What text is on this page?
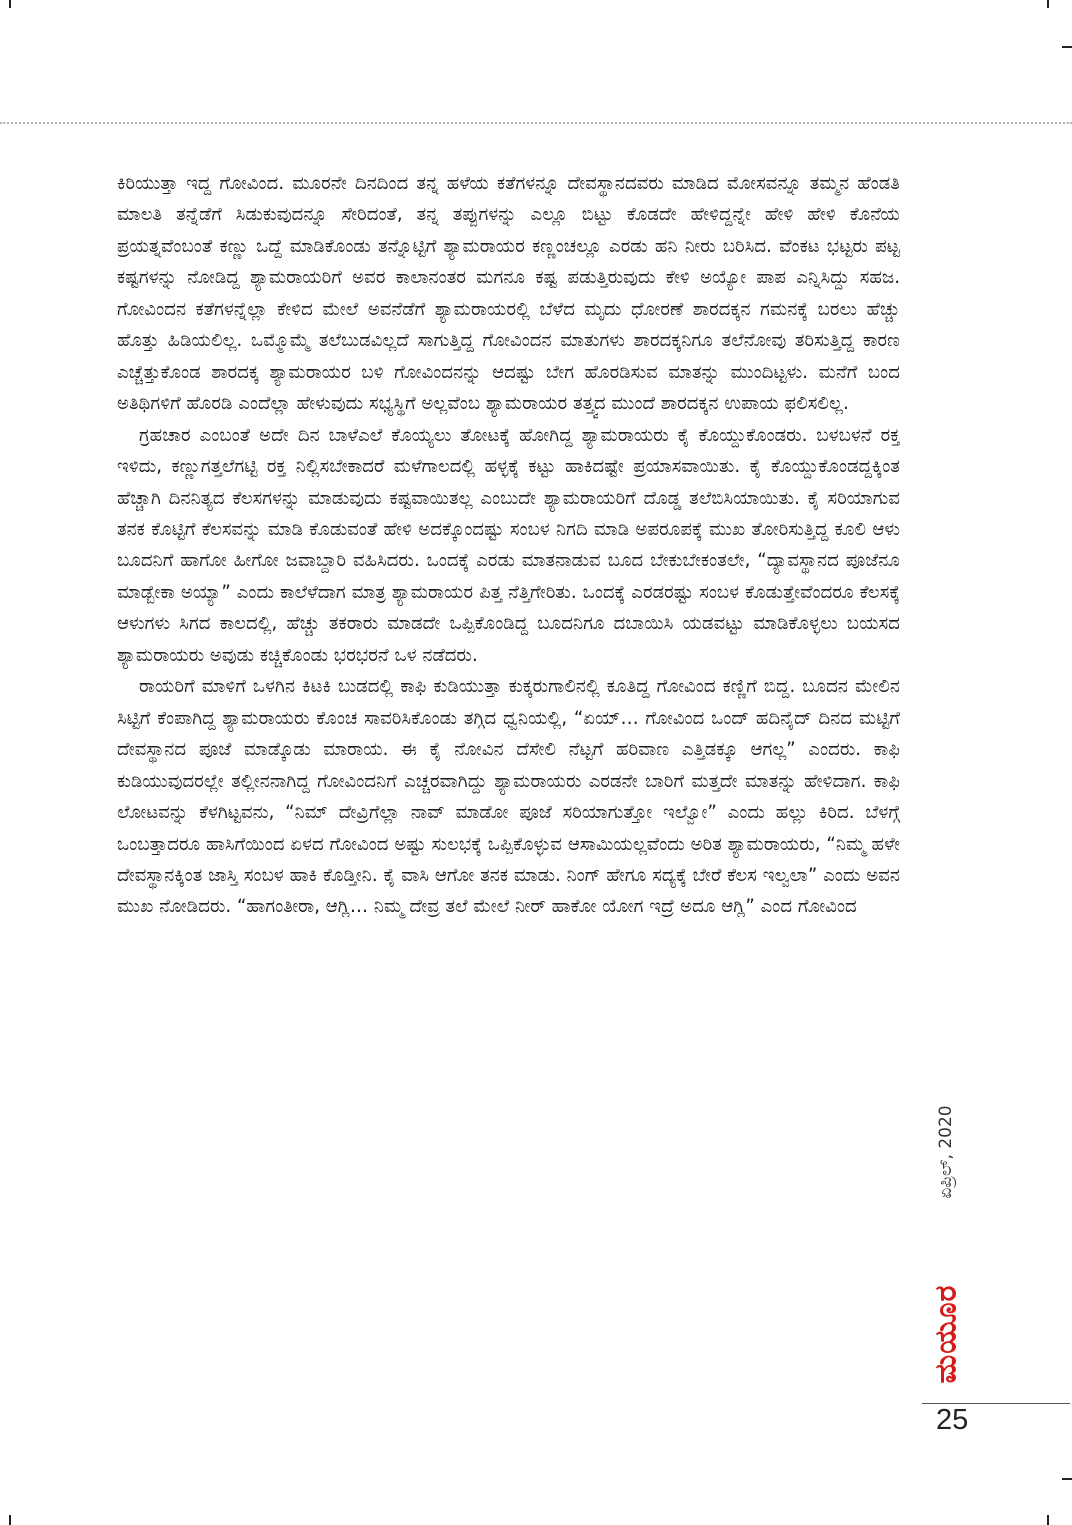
ಕಿರಿಯುತ್ತಾ ಇದ್ದ ಗೋವಿಂದ. ಮೂರನೇ ದಿನದಿಂದ ತನ್ನ ಹಳೆಯ ಕತೆಗಳನ್ನೂ ದೇವಸ್ಥಾನದವರು ಮಾಡಿದ ಮೋಸವನ್ನೂ ತಮ್ಮನ ಹೆಂಡತಿ ಮಾಲತಿ ತನ್ನೆಡೆಗೆ ಸಿಡುಕುವುದನ್ನೂ ಸೇರಿದಂತೆ, ತನ್ನ ತಪ್ಪುಗಳನ್ನು ಎಲ್ಲೂ ಬಿಟ್ಟು ಕೊಡದೇ ಹೇಳಿದ್ದನ್ನೇ ಹೇಳಿ ಹೇಳಿ ಕೊನೆಯ ಪ್ರಯತ್ನವೆಂಬಂತೆ ಕಣ್ಣು ಒದ್ದೆ ಮಾಡಿಕೊಂಡು ತನ್ನೊಟ್ಟಿಗೆ ಶ್ಯಾಮರಾಯರ ಕಣ್ಣಂಚಲ್ಲೂ ಎರಡು ಹನಿ ನೀರು ಬರಿಸಿದ. ವೆಂಕಟ ಭಟ್ಟರು ಪಟ್ಟ ಕಷ್ಟಗಳನ್ನು ನೋಡಿದ್ದ ಶ್ಯಾಮರಾಯರಿಗೆ ಅವರ ಕಾಲಾನಂತರ ಮಗನೂ ಕಷ್ಟ ಪಡುತ್ತಿರುವುದು ಕೇಳಿ ಅಯ್ಯೋ ಪಾಪ ಎನ್ನಿಸಿದ್ದು ಸಹಜ. ಗೋವಿಂದನ ಕತೆಗಳನ್ನೆಲ್ಲಾ ಕೇಳಿದ ಮೇಲೆ ಅವನೆಡೆಗೆ ಶ್ಯಾಮರಾಯರಲ್ಲಿ ಬೆಳೆದ ಮೃದು ಧೋರಣೆ ಶಾರದಕ್ಕನ ಗಮನಕ್ಕೆ ಬರಲು ಹೆಚ್ಚು ಹೊತ್ತು ಹಿಡಿಯಲಿಲ್ಲ. ಒಮ್ಮೊಮ್ಮೆ ತಲೆಬುಡವಿಲ್ಲದೆ ಸಾಗುತ್ತಿದ್ದ ಗೋವಿಂದನ ಮಾತುಗಳು ಶಾರದಕ್ಕನಿಗೂ ತಲೆನೋವು ತರಿಸುತ್ತಿದ್ದ ಕಾರಣ ಎಚ್ಚೆತ್ತುಕೊಂಡ ಶಾರದಕ್ಕ ಶ್ಯಾಮರಾಯರ ಬಳಿ ಗೋವಿಂದನನ್ನು ಆದಷ್ಟು ಬೇಗ ಹೊರಡಿಸುವ ಮಾತನ್ನು ಮುಂದಿಟ್ಟಳು. ಮನೆಗೆ ಬಂದ ಅತಿಥಿಗಳಿಗೆ ಹೊರಡಿ ಎಂದೆಲ್ಲಾ ಹೇಳುವುದು ಸಭ್ಯಸ್ಥಿಗೆ ಅಲ್ಲವೆಂಬ ಶ್ಯಾಮರಾಯರ ತತ್ತ್ವದ ಮುಂದೆ ಶಾರದಕ್ಕನ ಉಪಾಯ ಫಲಿಸಲಿಲ್ಲ.

ಗ್ರಹಚಾರ ಎಂಬಂತೆ ಅದೇ ದಿನ ಬಾಳೆಎಲೆ ಕೊಯ್ಯಲು ತೋಟಕ್ಕೆ ಹೋಗಿದ್ದ ಶ್ಯಾಮರಾಯರು ಕೈ ಕೊಯ್ದುಕೊಂಡರು. ಬಳಬಳನೆ ರಕ್ತ ಇಳಿದು, ಕಣ್ಣುಗತ್ತಲೆಗಟ್ಟಿ ರಕ್ತ ನಿಲ್ಲಿಸಬೇಕಾದರೆ ಮಳೆಗಾಲದಲ್ಲಿ ಹಳ್ಳಕ್ಕೆ ಕಟ್ಟು ಹಾಕಿದಷ್ಟೇ ಪ್ರಯಾಸವಾಯಿತು. ಕೈ ಕೊಯ್ದುಕೊಂಡದ್ದಕ್ಕಿಂತ ಹೆಚ್ಚಾಗಿ ದಿನನಿತ್ಯದ ಕೆಲಸಗಳನ್ನು ಮಾಡುವುದು ಕಷ್ಟವಾಯಿತಲ್ಲ ಎಂಬುದೇ ಶ್ಯಾಮರಾಯರಿಗೆ ದೊಡ್ಡ ತಲೆಬಿಸಿಯಾಯಿತು. ಕೈ ಸರಿಯಾಗುವ ತನಕ ಕೊಟ್ಟಿಗೆ ಕೆಲಸವನ್ನು ಮಾಡಿ ಕೊಡುವಂತೆ ಹೇಳಿ ಅದಕ್ಕೊಂದಷ್ಟು ಸಂಬಳ ನಿಗದಿ ಮಾಡಿ ಅಪರೂಪಕ್ಕೆ ಮುಖ ತೋರಿಸುತ್ತಿದ್ದ ಕೂಲಿ ಆಳು ಬೂದನಿಗೆ ಹಾಗೋ ಹೀಗೋ ಜವಾಬ್ದಾರಿ ವಹಿಸಿದರು. ಒಂದಕ್ಕೆ ಎರಡು ಮಾತನಾಡುವ ಬೂದ ಬೇಕುಬೇಕಂತಲೇ, “ದ್ಯಾವಸ್ಥಾನದ ಪೂಜೆನೂ ಮಾಡ್ಬೇಕಾ ಅಯ್ಯಾ” ಎಂದು ಕಾಲೆಳೆದಾಗ ಮಾತ್ರ ಶ್ಯಾಮರಾಯರ ಪಿತ್ತ ನೆತ್ತಿಗೇರಿತು. ಒಂದಕ್ಕೆ ಎರಡರಷ್ಟು ಸಂಬಳ ಕೊಡುತ್ತೇವೆಂದರೂ ಕೆಲಸಕ್ಕೆ ಆಳುಗಳು ಸಿಗದ ಕಾಲದಲ್ಲಿ, ಹೆಚ್ಚು ತಕರಾರು ಮಾಡದೇ ಒಪ್ಪಿಕೊಂಡಿದ್ದ ಬೂದನಿಗೂ ದಬಾಯಿಸಿ ಯಡವಟ್ಟು ಮಾಡಿಕೊಳ್ಳಲು ಬಯಸದ ಶ್ಯಾಮರಾಯರು ಅವುಡು ಕಚ್ಚಿಕೊಂಡು ಭರಭರನೆ ಒಳ ನಡೆದರು.

ರಾಯರಿಗೆ ಮಾಳಿಗೆ ಒಳಗಿನ ಕಿಟಕಿ ಬುಡದಲ್ಲಿ ಕಾಫಿ ಕುಡಿಯುತ್ತಾ ಕುಕ್ಕರುಗಾಲಿನಲ್ಲಿ ಕೂತಿದ್ದ ಗೋವಿಂದ ಕಣ್ಣಿಗೆ ಬಿದ್ದ. ಬೂದನ ಮೇಲಿನ ಸಿಟ್ಟಿಗೆ ಕೆಂಪಾಗಿದ್ದ ಶ್ಯಾಮರಾಯರು ಕೊಂಚ ಸಾವರಿಸಿಕೊಂಡು ತಗ್ಗಿದ ಧ್ವನಿಯಲ್ಲಿ, “ಏಯ್… ಗೋವಿಂದ ಒಂದ್ ಹದಿನೈದ್ ದಿನದ ಮಟ್ಟಿಗೆ ದೇವಸ್ಥಾನದ ಪೂಜೆ ಮಾಡ್ಕೊಡು ಮಾರಾಯ. ಈ ಕೈ ನೋವಿನ ದೆಸೇಲಿ ನೆಟ್ಟಗೆ ಹರಿವಾಣ ಎತ್ತಿಡಕ್ಕೂ ಆಗಲ್ಲ” ಎಂದರು. ಕಾಫಿ ಕುಡಿಯುವುದರಲ್ಲೇ ತಲ್ಲೀನನಾಗಿದ್ದ ಗೋವಿಂದನಿಗೆ ಎಚ್ಚರವಾಗಿದ್ದು ಶ್ಯಾಮರಾಯರು ಎರಡನೇ ಬಾರಿಗೆ ಮತ್ತದೇ ಮಾತನ್ನು ಹೇಳಿದಾಗ. ಕಾಫಿ ಲೋಟವನ್ನು ಕೆಳಗಿಟ್ಟವನು, “ನಿಮ್ ದೇವ್ರಿಗೆಲ್ಲಾ ನಾವ್ ಮಾಡೋ ಪೂಜೆ ಸರಿಯಾಗುತ್ತೋ ಇಲ್ವೋ” ಎಂದು ಹಲ್ಲು ಕಿರಿದ. ಬೆಳಗ್ಗೆ ಒಂಬತ್ತಾದರೂ ಹಾಸಿಗೆಯಿಂದ ಏಳದ ಗೋವಿಂದ ಅಷ್ಟು ಸುಲಭಕ್ಕೆ ಒಪ್ಪಿಕೊಳ್ಳುವ ಆಸಾಮಿಯಲ್ಲವೆಂದು ಅರಿತ ಶ್ಯಾಮರಾಯರು, “ನಿಮ್ಮ ಹಳೇ ದೇವಸ್ಥಾನಕ್ಕಿಂತ ಜಾಸ್ತಿ ಸಂಬಳ ಹಾಕಿ ಕೊಡ್ತೀನಿ. ಕೈ ವಾಸಿ ಆಗೋ ತನಕ ಮಾಡು. ನಿಂಗ್ ಹೇಗೂ ಸದ್ಯಕ್ಕೆ ಬೇರೆ ಕೆಲಸ ಇಲ್ವಲಾ” ಎಂದು ಅವನ ಮುಖ ನೋಡಿದರು. “ಹಾಗಂತೀರಾ, ಆಗ್ಲಿ… ನಿಮ್ಮ ದೇವ್ರ ತಲೆ ಮೇಲೆ ನೀರ್ ಹಾಕೋ ಯೋಗ ಇದ್ರೆ ಅದೂ ಆಗ್ಲಿ” ಎಂದ ಗೋವಿಂದ

ಏಪ್ರಿಲ್, 2020
ಮಯೂರ
25
